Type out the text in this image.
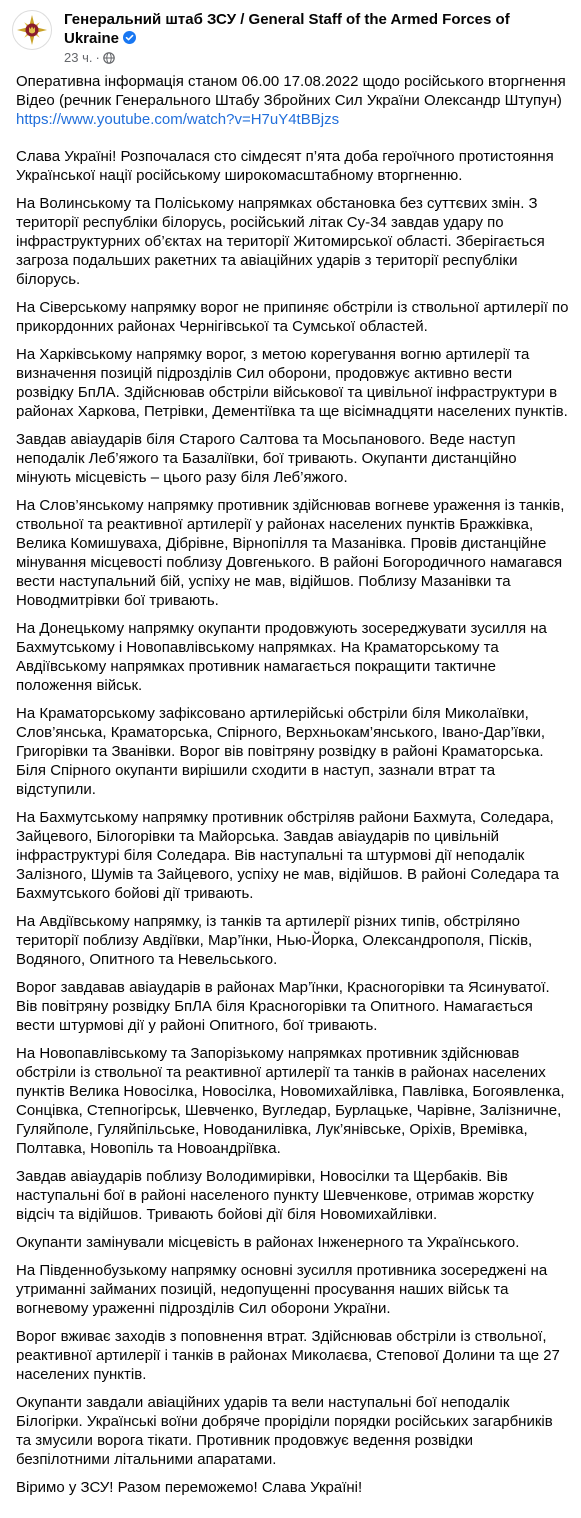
Генеральний штаб ЗСУ / General Staff of the Armed Forces of Ukraine
23 ч. ·

Оперативна інформація станом 06.00 17.08.2022 щодо російського вторгнення
Відео (речник Генерального Штабу Збройних Сил України Олександр Штупун)
https://www.youtube.com/watch?v=H7uY4tBBjzs

Слава Україні! Розпочалася сто сімдесят п’ята доба героїчного протистояння Української нації російському широкомасштабному вторгненню.

На Волинському та Поліському напрямках обстановка без суттєвих змін. З території республіки білорусь, російський літак Су-34 завдав удару по інфраструктурних об’єктах на території Житомирської області. Зберігається загроза подальших ракетних та авіаційних ударів з території республіки білорусь.

На Сіверському напрямку ворог не припиняє обстріли із ствольної артилерії по прикордонних районах Чернігівської та Сумської областей.

На Харківському напрямку ворог, з метою корегування вогню артилерії та визначення позицій підрозділів Сил оборони, продовжує активно вести розвідку БпЛА. Здійснював обстріли військової та цивільної інфраструктури в районах Харкова, Петрівки, Дементіївка та ще вісімнадцяти населених пунктів.

Завдав авіаударів біля Старого Салтова та Мосьпанового. Веде наступ неподалік Леб’яжого та Базаліївки, бої тривають. Окупанти дистанційно мінують місцевість – цього разу біля Леб’яжого.

На Слов’янському напрямку противник здійснював вогневе ураження із танків, ствольної та реактивної артилерії у районах населених пунктів Бражківка, Велика Комишуваха, Дібрівне, Вірнопілля та Мазанівка. Провів дистанційне мінування місцевості поблизу Довгенького. В районі Богородичного намагався вести наступальний бій, успіху не мав, відійшов. Поблизу Мазанівки та Новодмитрівки бої тривають.

На Донецькому напрямку окупанти продовжують зосереджувати зусилля на Бахмутському і Новопавлівському напрямках. На Краматорському та Авдіївському напрямках противник намагається покращити тактичне положення військ.

На Краматорському зафіксовано артилерійські обстріли біля Миколаївки, Слов’янська, Краматорська, Спірного, Верхньокам’янського, Івано-Дар’ївки, Григорівки та Званівки. Ворог вів повітряну розвідку в районі Краматорська. Біля Спірного окупанти вирішили сходити в наступ, зазнали втрат та відступили.

На Бахмутському напрямку противник обстріляв райони Бахмута, Соледара, Зайцевого, Білогорівки та Майорська. Завдав авіаударів по цивільній інфраструктурі біля Соледара. Вів наступальні та штурмові дії неподалік Залізного, Шумів та Зайцевого, успіху не мав, відійшов. В районі Соледара та Бахмутського бойові дії тривають.

На Авдіївському напрямку, із танків та артилерії різних типів, обстріляно території поблизу Авдіївки, Мар’їнки, Нью-Йорка, Олександрополя, Пісків, Водяного, Опитного та Невельського.

Ворог завдавав авіаударів в районах Мар’їнки, Красногорівки та Ясинуватої. Вів повітряну розвідку БпЛА біля Красногорівки та Опитного. Намагається вести штурмові дії у районі Опитного, бої тривають.

На Новопавлівському та Запорізькому напрямках противник здійснював обстріли із ствольної та реактивної артилерії та танків в районах населених пунктів Велика Новосілка, Новосілка, Новомихайлівка, Павлівка, Богоявленка, Сонцівка, Степногірськ, Шевченко, Вугледар, Бурлацьке, Чарівне, Залізничне, Гуляйполе, Гуляйпільське, Новоданилівка, Лук’янівське, Оріхів, Времівка, Полтавка, Новопіль та Новоандріївка.

Завдав авіаударів поблизу Володимирівки, Новосілки та Щербаків. Вів наступальні бої в районі населеного пункту Шевченкове, отримав жорстку відсіч та відійшов. Тривають бойові дії біля Новомихайлівки.

Окупанти замінували місцевість в районах Інженерного та Українського.

На Південнобузькому напрямку основні зусилля противника зосереджені на утриманні займаних позицій, недопущенні просування наших військ та вогневому ураженні підрозділів Сил оборони України.

Ворог вживає заходів з поповнення втрат. Здійснював обстріли із ствольної, реактивної артилерії і танків в районах Миколаєва, Степової Долини та ще 27 населених пунктів.

Окупанти завдали авіаційних ударів та вели наступальні бої неподалік Білогірки. Українські воїни добряче проріділи порядки російських загарбників та змусили ворога тікати. Противник продовжує ведення розвідки безпілотними літальними апаратами.

Віримо у ЗСУ! Разом переможемо! Слава Україні!
